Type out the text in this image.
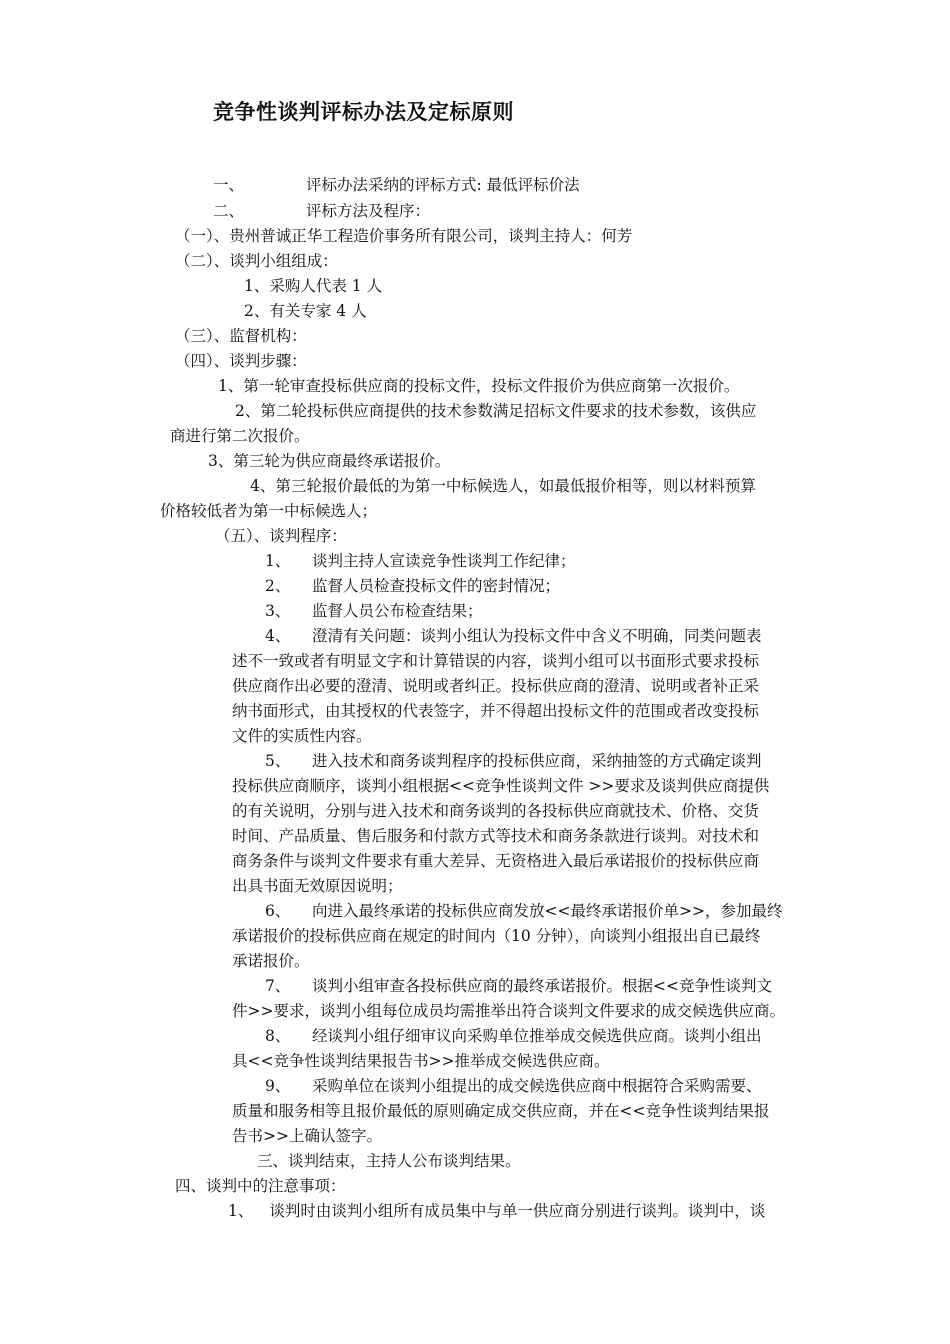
竞争性谈判评标办法及定标原则
一、	评标办法采纳的评标方式: 最低评标价法
二、	评标方法及程序：
（一）、贵州普诚正华工程造价事务所有限公司，谈判主持人：何芳
（二）、谈判小组组成：
1、采购人代表 1 人
2、有关专家 4 人
（三）、监督机构：
（四）、谈判步骤：
1、第一轮审查投标供应商的投标文件，投标文件报价为供应商第一次报价。
2、第二轮投标供应商提供的技术参数满足招标文件要求的技术参数，该供应
商进行第二次报价。
3、第三轮为供应商最终承诺报价。
4、第三轮报价最低的为第一中标候选人，如最低报价相等，则以材料预算
价格较低者为第一中标候选人；
（五）、谈判程序：
1、 谈判主持人宣读竞争性谈判工作纪律；
2、 监督人员检查投标文件的密封情况；
3、 监督人员公布检查结果；
4、 澄清有关问题：谈判小组认为投标文件中含义不明确，同类问题表
述不一致或者有明显文字和计算错误的内容，谈判小组可以书面形式要求投标
供应商作出必要的澄清、说明或者纠正。投标供应商的澄清、说明或者补正采
纳书面形式，由其授权的代表签字，并不得超出投标文件的范围或者改变投标
文件的实质性内容。
5、 进入技术和商务谈判程序的投标供应商，采纳抽签的方式确定谈判
投标供应商顺序，谈判小组根据<<竞争性谈判文件 >>要求及谈判供应商提供
的有关说明，分别与进入技术和商务谈判的各投标供应商就技术、价格、交货
时间、产品质量、售后服务和付款方式等技术和商务条款进行谈判。对技术和
商务条件与谈判文件要求有重大差异、无资格进入最后承诺报价的投标供应商
出具书面无效原因说明；
6、 向进入最终承诺的投标供应商发放<<最终承诺报价单>>，参加最终
承诺报价的投标供应商在规定的时间内（10 分钟），向谈判小组报出自已最终
承诺报价。
7、 谈判小组审查各投标供应商的最终承诺报价。根据<<竞争性谈判文
件>>要求，谈判小组每位成员均需推举出符合谈判文件要求的成交候选供应商。
8、 经谈判小组仔细审议向采购单位推举成交候选供应商。谈判小组出
具<<竞争性谈判结果报告书>>推举成交候选供应商。
9、 采购单位在谈判小组提出的成交候选供应商中根据符合采购需要、
质量和服务相等且报价最低的原则确定成交供应商，并在<<竞争性谈判结果报
告书>>上确认签字。
三、谈判结束，主持人公布谈判结果。
四、谈判中的注意事项：
1、 谈判时由谈判小组所有成员集中与单一供应商分别进行谈判。谈判中，谈
